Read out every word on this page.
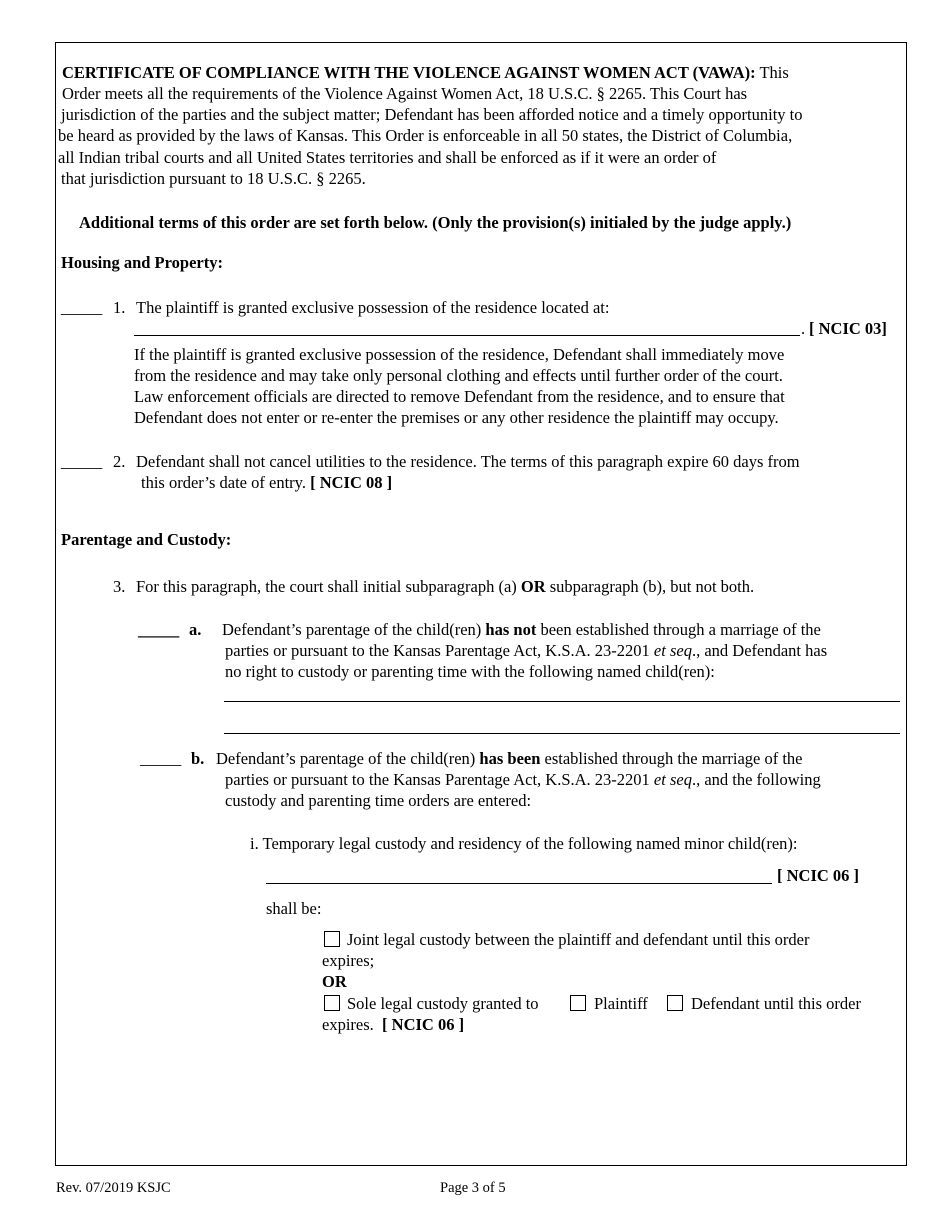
CERTIFICATE OF COMPLIANCE WITH THE VIOLENCE AGAINST WOMEN ACT (VAWA): This
Order meets all the requirements of the Violence Against Women Act, 18 U.S.C. § 2265. This Court has
jurisdiction of the parties and the subject matter; Defendant has been afforded notice and a timely opportunity to
be heard as provided by the laws of Kansas. This Order is enforceable in all 50 states, the District of Columbia,
all Indian tribal courts and all United States territories and shall be enforced as if it were an order of
that jurisdiction pursuant to 18 U.S.C. § 2265.
Additional terms of this order are set forth below. (Only the provision(s) initialed by the judge apply.)
Housing and Property:
_____ 1. The plaintiff is granted exclusive possession of the residence located at:
. [ NCIC 03]
If the plaintiff is granted exclusive possession of the residence, Defendant shall immediately move
from the residence and may take only personal clothing and effects until further order of the court.
Law enforcement officials are directed to remove Defendant from the residence, and to ensure that
Defendant does not enter or re-enter the premises or any other residence the plaintiff may occupy.
_____ 2. Defendant shall not cancel utilities to the residence. The terms of this paragraph expire 60 days from
this order’s date of entry. [ NCIC 08 ]
Parentage and Custody:
3. For this paragraph, the court shall initial subparagraph (a) OR subparagraph (b), but not both.
_____ a. Defendant’s parentage of the child(ren) has not been established through a marriage of the
parties or pursuant to the Kansas Parentage Act, K.S.A. 23-2201 et seq., and Defendant has
no right to custody or parenting time with the following named child(ren):
_____ b. Defendant’s parentage of the child(ren) has been established through the marriage of the
parties or pursuant to the Kansas Parentage Act, K.S.A. 23-2201 et seq., and the following
custody and parenting time orders are entered:
i. Temporary legal custody and residency of the following named minor child(ren):
[ NCIC 06 ]
shall be:
Joint legal custody between the plaintiff and defendant until this order
expires;
OR
Sole legal custody granted to	Plaintiff	Defendant until this order
expires. [ NCIC 06 ]
Rev. 07/2019 KSJC	Page 3 of 5
